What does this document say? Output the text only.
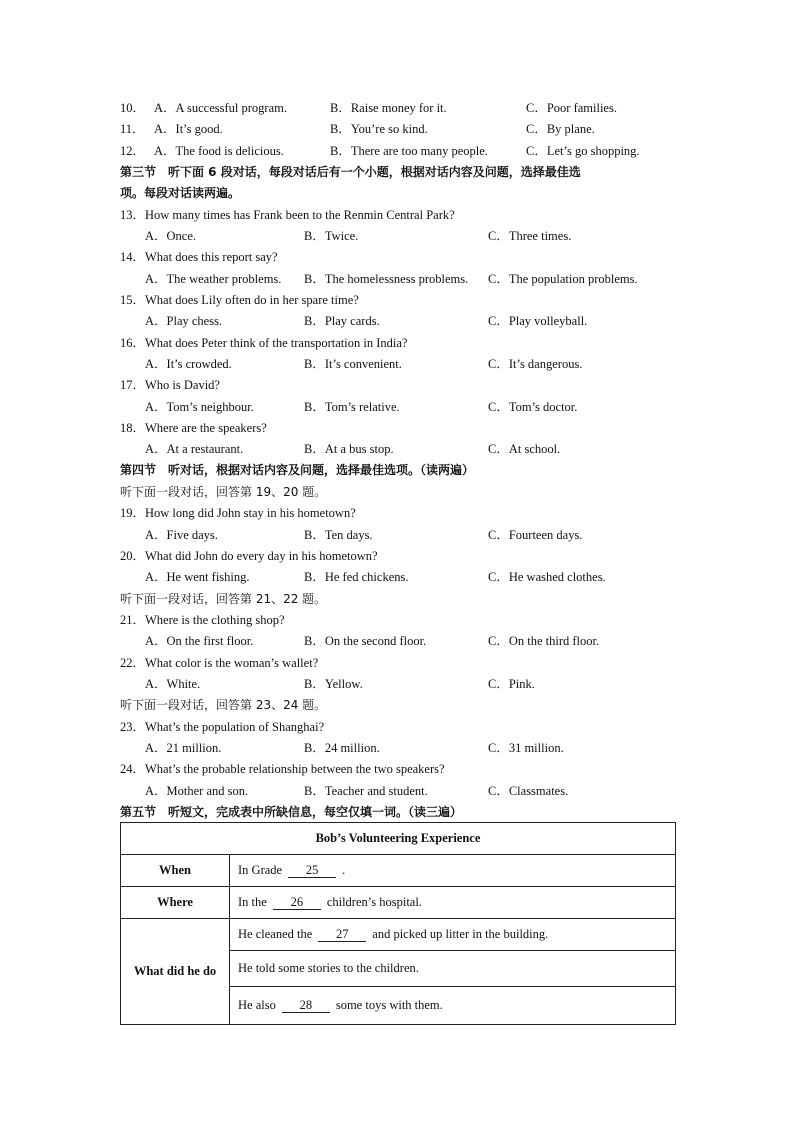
10． A．A successful program.	B．Raise money for it.	C．Poor families.
11． A．It’s good.	B．You’re so kind.	C．By plane.
12． A．The food is delicious.	B．There are too many people.	C．Let’s go shopping.
第三节　听下面 6 段对话，每段对话后有一个小题，根据对话内容及问题，选择最佳选
项。每段对话读两遍。
13．How many times has Frank been to the Renmin Central Park?
A．Once.	B．Twice.	C．Three times.
14．What does this report say?
A．The weather problems. B．The homelessness problems. C．The population problems.
15．What does Lily often do in her spare time?
A．Play chess.	B．Play cards.	C．Play volleyball.
16．What does Peter think of the transportation in India?
A．It’s crowded.	B．It’s convenient.	C．It’s dangerous.
17．Who is David?
A．Tom’s neighbour.	B．Tom’s relative.	C．Tom’s doctor.
18．Where are the speakers?
A．At a restaurant.	B．At a bus stop.	C．At school.
第四节　听对话，根据对话内容及问题，选择最佳选项。（读两遍）
听下面一段对话，回答第 19、20 题。
19．How long did John stay in his hometown?
A．Five days.	B．Ten days.	C．Fourteen days.
20．What did John do every day in his hometown?
A．He went fishing.	B．He fed chickens.	C．He washed clothes.
听下面一段对话，回答第 21、22 题。
21．Where is the clothing shop?
A．On the first floor.	B．On the second floor.	C．On the third floor.
22．What color is the woman’s wallet?
A．White.	B．Yellow.	C．Pink.
听下面一段对话，回答第 23、24 题。
23．What’s the population of Shanghai?
A．21 million.	B．24 million.	C．31 million.
24．What’s the probable relationship between the two speakers?
A．Mother and son.	B．Teacher and student.	C．Classmates.
第五节　听短文，完成表中所缺信息，每空仅填一词。（读三遍）
Bob’s Volunteering Experience	
When	In Grade 25 .
Where	In the 26 children’s hospital.
What did he do	He cleaned the 27 and picked up litter in the building.
	He told some stories to the children.
	He also 28 some toys with them.
